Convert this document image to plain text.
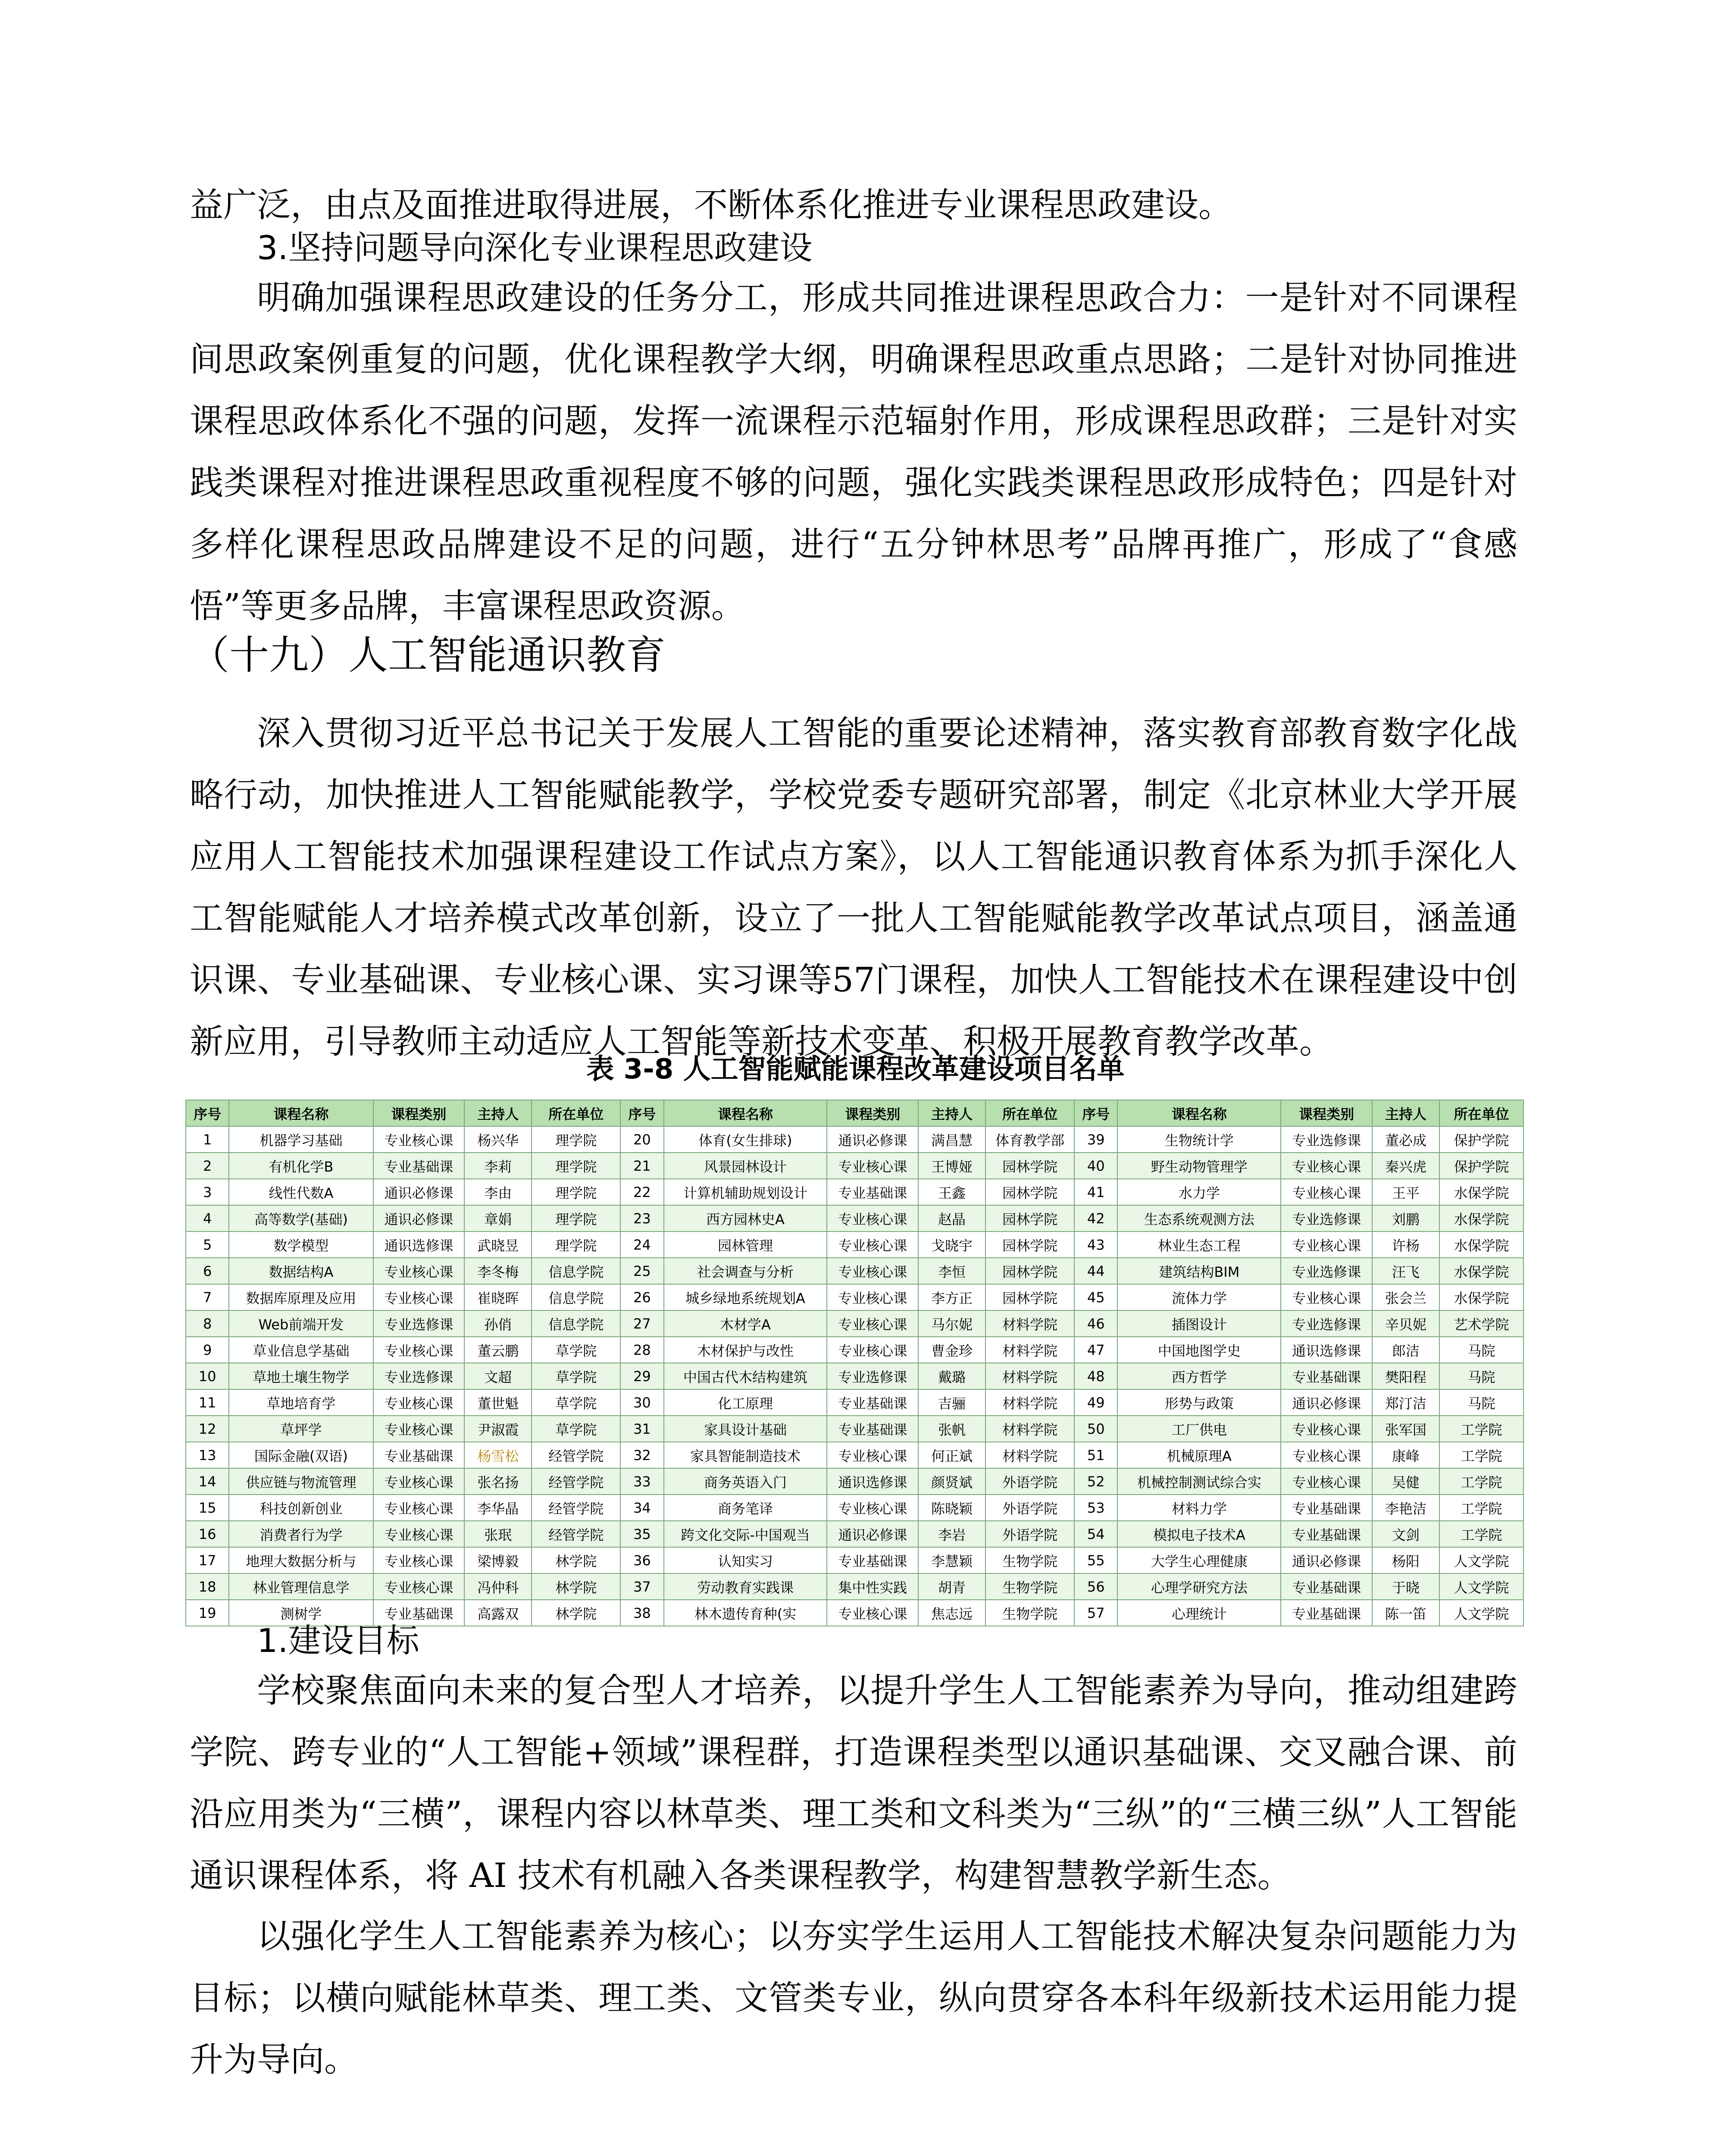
益广泛，由点及面推进取得进展，不断体系化推进专业课程思政建设。

3.坚持问题导向深化专业课程思政建设

明确加强课程思政建设的任务分工，形成共同推进课程思政合力：一是针对不同课程间思政案例重复的问题，优化课程教学大纲，明确课程思政重点思路；二是针对协同推进课程思政体系化不强的问题，发挥一流课程示范辐射作用，形成课程思政群；三是针对实践类课程对推进课程思政重视程度不够的问题，强化实践类课程思政形成特色；四是针对多样化课程思政品牌建设不足的问题，进行“五分钟林思考”品牌再推广，形成了“食感悟”等更多品牌，丰富课程思政资源。

（十九）人工智能通识教育

深入贯彻习近平总书记关于发展人工智能的重要论述精神，落实教育部教育数字化战略行动，加快推进人工智能赋能教学，学校党委专题研究部署，制定《北京林业大学开展应用人工智能技术加强课程建设工作试点方案》，以人工智能通识教育体系为抓手深化人工智能赋能人才培养模式改革创新，设立了一批人工智能赋能教学改革试点项目，涵盖通识课、专业基础课、专业核心课、实习课等57门课程，加快人工智能技术在课程建设中创新应用，引导教师主动适应人工智能等新技术变革、积极开展教育教学改革。

表 3-8 人工智能赋能课程改革建设项目名单

序号	课程名称	课程类别	主持人	所在单位	序号	课程名称	课程类别	主持人	所在单位	序号	课程名称	课程类别	主持人	所在单位
1	机器学习基础	专业核心课	杨兴华	理学院	20	体育(女生排球)	通识必修课	满昌慧	体育教学部	39	生物统计学	专业选修课	董必成	保护学院
2	有机化学B	专业基础课	李莉	理学院	21	风景园林设计	专业核心课	王博娅	园林学院	40	野生动物管理学	专业核心课	秦兴虎	保护学院
3	线性代数A	通识必修课	李由	理学院	22	计算机辅助规划设计	专业基础课	王鑫	园林学院	41	水力学	专业核心课	王平	水保学院
4	高等数学(基础)	通识必修课	章娟	理学院	23	西方园林史A	专业核心课	赵晶	园林学院	42	生态系统观测方法	专业选修课	刘鹏	水保学院
5	数学模型	通识选修课	武晓昱	理学院	24	园林管理	专业核心课	戈晓宇	园林学院	43	林业生态工程	专业核心课	许杨	水保学院
6	数据结构A	专业核心课	李冬梅	信息学院	25	社会调查与分析	专业核心课	李恒	园林学院	44	建筑结构BIM	专业选修课	汪飞	水保学院
7	数据库原理及应用	专业核心课	崔晓晖	信息学院	26	城乡绿地系统规划A	专业核心课	李方正	园林学院	45	流体力学	专业核心课	张会兰	水保学院
8	Web前端开发	专业选修课	孙俏	信息学院	27	木材学A	专业核心课	马尔妮	材料学院	46	插图设计	专业选修课	辛贝妮	艺术学院
9	草业信息学基础	专业核心课	董云鹏	草学院	28	木材保护与改性	专业核心课	曹金珍	材料学院	47	中国地图学史	通识选修课	郎洁	马院
10	草地土壤生物学	专业选修课	文超	草学院	29	中国古代木结构建筑	专业选修课	戴璐	材料学院	48	西方哲学	专业基础课	樊阳程	马院
11	草地培育学	专业核心课	董世魁	草学院	30	化工原理	专业基础课	吉骊	材料学院	49	形势与政策	通识必修课	郑汀洁	马院
12	草坪学	专业核心课	尹淑霞	草学院	31	家具设计基础	专业基础课	张帆	材料学院	50	工厂供电	专业核心课	张军国	工学院
13	国际金融(双语)	专业基础课	杨雪松	经管学院	32	家具智能制造技术	专业核心课	何正斌	材料学院	51	机械原理A	专业核心课	康峰	工学院
14	供应链与物流管理	专业核心课	张名扬	经管学院	33	商务英语入门	通识选修课	颜贤斌	外语学院	52	机械控制测试综合实	专业核心课	吴健	工学院
15	科技创新创业	专业核心课	李华晶	经管学院	34	商务笔译	专业核心课	陈晓颖	外语学院	53	材料力学	专业基础课	李艳洁	工学院
16	消费者行为学	专业核心课	张珉	经管学院	35	跨文化交际-中国观当	通识必修课	李岩	外语学院	54	模拟电子技术A	专业基础课	文剑	工学院
17	地理大数据分析与	专业核心课	梁博毅	林学院	36	认知实习	专业基础课	李慧颖	生物学院	55	大学生心理健康	通识必修课	杨阳	人文学院
18	林业管理信息学	专业核心课	冯仲科	林学院	37	劳动教育实践课	集中性实践	胡青	生物学院	56	心理学研究方法	专业基础课	于晓	人文学院
19	测树学	专业基础课	高露双	林学院	38	林木遗传育种(实	专业核心课	焦志远	生物学院	57	心理统计	专业基础课	陈一笛	人文学院

1.建设目标

学校聚焦面向未来的复合型人才培养，以提升学生人工智能素养为导向，推动组建跨学院、跨专业的“人工智能+领域”课程群，打造课程类型以通识基础课、交叉融合课、前沿应用类为“三横”，课程内容以林草类、理工类和文科类为“三纵”的“三横三纵”人工智能通识课程体系，将 AI 技术有机融入各类课程教学，构建智慧教学新生态。

以强化学生人工智能素养为核心；以夯实学生运用人工智能技术解决复杂问题能力为目标；以横向赋能林草类、理工类、文管类专业，纵向贯穿各本科年级新技术运用能力提升为导向。
